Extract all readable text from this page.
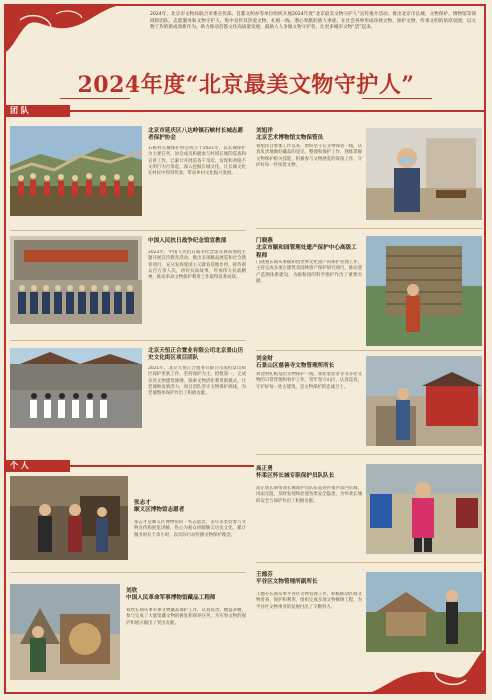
2024年，北京市文物局联合市委宣传部、首都文明办等单位组织开展2024年度“北京最美文物守护人”宣传推介活动。推出北京市长城、文物保护、博物馆等领域的团队、志愿服务和文物守护人，集中宣传其热爱文物、扎根一线、潜心奉献的感人事迹。在社会各界形成珍视文物、保护文物、传承文明的浓厚氛围，以文物工作的新成效新作为，助力推动首都文化高质量发展，鼓励人人争做文物守护者，让更多城市文物“活”起来。
2024年度“北京最美文物守护人”
团 队
个 人
北京市延庆区八达岭镇石峡村长城志愿者保护协会
石峡村长城保护协会成立于2021年，以长城保护为主要任务，协会成员积极参与村域长城的巡查和宣讲工作，已累计开展巡查千余次，发现和劝阻不文明行为百余起，深入挖掘长城文化，让长城文化在村民中得到传承，带动乡村文化振兴发展。
中国人民抗日战争纪念馆宣教部
2023年，中国人民抗日战争纪念馆宣教部围绕主题开展宣传教育活动，推出多项精品展览和社会教育项目，充分发挥爱国主义教育基地作用，接待观众百万余人次，讲好抗战故事，传承伟大抗战精神，推动革命文物保护利用工作取得显著成效。
北京天恒正合置业有限公司北京景山历史文化街区项目团队
2021年，北京天恒正合置业有限公司承担景山街区保护更新工作，坚持保护为主、抢救第一，完成多处文物建筑修缮，探索文物活化利用新模式，让老城焕发新活力，项目团队坚守文物保护底线，为老城整体保护作出了积极贡献。
张志才
顺义区博物馆志愿者
张志才是顺义区博物馆的一名志愿者，多年来坚持参与文物宣传和展览讲解，热心为观众讲解顺义历史文化，累计服务时长千余小时，以实际行动传播文物保护理念。
刘欣
中国人民革命军事博物馆藏品工程师
刘欣长期从事军事文物藏品保护工作，认真负责，精益求精，参与完成了大量馆藏文物的修复和保养任务，为军事文物的保护和展示做出了突出贡献。
刘旭洋
北京艺术博物馆文物保管员
刘旭洋自参加工作以来，始终坚守在文物保管一线，认真负责地做好藏品的登记、整理和保护工作，熟练掌握文物保护相关技能，积极参与文物展览的筹备工作，守护好每一件珍贵文物。
门晓燕
北京市颐和园管理处遗产保护中心高级工程师
门晓燕长期从事颐和园世界文化遗产的保护管理工作，主持完成多项古建筑及园林遗产保护研究项目，推动遗产监测体系建设，为颐和园的科学保护作出了重要贡献。
刘金财
石景山区慈善寺文物管理所所长
刘金财扎根基层文物保护一线，承担着慈善寺等多处文物的日常管理和看护工作，常年坚守山区，认真巡查，守护好每一处古建筑，是文物保护的忠诚卫士。
高正勇
怀柔区怀长城专职保护员队队长
高正勇长期带领长城保护员队伍巡查怀柔区境内长城，风雨无阻，及时发现和处置各类安全隐患，为怀柔长城的安全与保护作出了积极贡献。
王德芬
平谷区文物管理所副所长
王德芬长期从事平谷区文物管理工作，积极推动区域文物普查、保护和利用，组织完成多项文物修缮工程，为平谷区文物事业的发展付出了辛勤努力。
